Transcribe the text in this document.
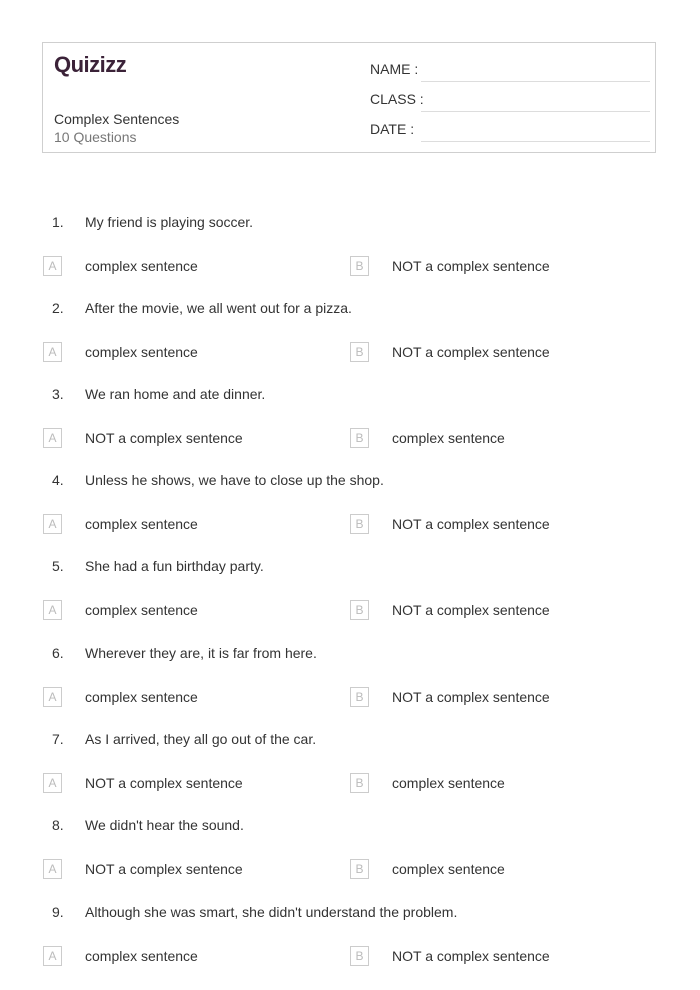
Quizizz
Complex Sentences
10 Questions
NAME :
CLASS :
DATE :
1. My friend is playing soccer.
A	complex sentence	B	NOT a complex sentence
2. After the movie, we all went out for a pizza.
A	complex sentence	B	NOT a complex sentence
3. We ran home and ate dinner.
A	NOT a complex sentence	B	complex sentence
4. Unless he shows, we have to close up the shop.
A	complex sentence	B	NOT a complex sentence
5. She had a fun birthday party.
A	complex sentence	B	NOT a complex sentence
6. Wherever they are, it is far from here.
A	complex sentence	B	NOT a complex sentence
7. As I arrived, they all go out of the car.
A	NOT a complex sentence	B	complex sentence
8. We didn't hear the sound.
A	NOT a complex sentence	B	complex sentence
9. Although she was smart, she didn't understand the problem.
A	complex sentence	B	NOT a complex sentence
